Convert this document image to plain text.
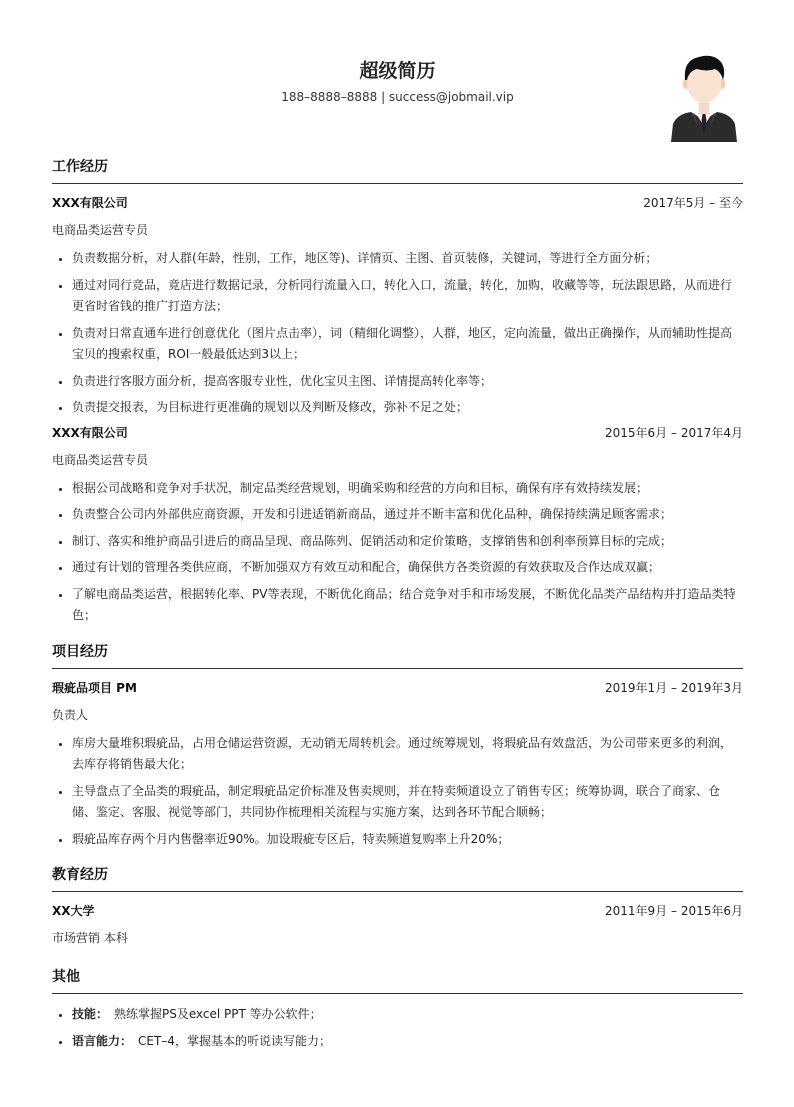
超级简历
188–8888–8888 | success@jobmail.vip
工作经历
XXX有限公司	2017年5月 – 至今
电商品类运营专员
• 负责数据分析，对人群(年龄，性别，工作，地区等)、详情页、主图、首页装修，关键词，等进行全方面分析；
• 通过对同行竞品，竟店进行数据记录，分析同行流量入口，转化入口，流量，转化，加购，收藏等等，玩法跟思路，从而进行更省时省钱的推广打造方法；
• 负责对日常直通车进行创意优化（图片点击率），词（精细化调整），人群，地区，定向流量，做出正确操作，从而辅助性提高宝贝的搜索权重，ROI一般最低达到3以上；
• 负责进行客服方面分析，提高客服专业性，优化宝贝主图、详情提高转化率等；
• 负责提交报表，为目标进行更准确的规划以及判断及修改，弥补不足之处；
XXX有限公司	2015年6月 – 2017年4月
电商品类运营专员
• 根据公司战略和竞争对手状况，制定品类经营规划，明确采购和经营的方向和目标，确保有序有效持续发展；
• 负责整合公司内外部供应商资源，开发和引进适销新商品，通过并不断丰富和优化品种，确保持续满足顾客需求；
• 制订、落实和维护商品引进后的商品呈现、商品陈列、促销活动和定价策略，支撑销售和创利率预算目标的完成；
• 通过有计划的管理各类供应商，不断加强双方有效互动和配合，确保供方各类资源的有效获取及合作达成双赢；
• 了解电商品类运营，根据转化率、PV等表现，不断优化商品；结合竞争对手和市场发展，不断优化品类产品结构并打造品类特色；
项目经历
瑕疵品项目 PM	2019年1月 – 2019年3月
负责人
• 库房大量堆积瑕疵品，占用仓储运营资源，无动销无周转机会。通过统筹规划，将瑕疵品有效盘活，为公司带来更多的利润，去库存将销售最大化；
• 主导盘点了全品类的瑕疵品，制定瑕疵品定价标准及售卖规则，并在特卖频道设立了销售专区；统筹协调，联合了商家、仓储、鉴定、客服、视觉等部门，共同协作梳理相关流程与实施方案，达到各环节配合顺畅；
• 瑕疵品库存两个月内售罄率近90%。加设瑕疵专区后，特卖频道复购率上升20%；
教育经历
XX大学	2011年9月 – 2015年6月
市场营销 本科
其他
• 技能： 熟练掌握PS及excel PPT 等办公软件；
• 语言能力： CET–4，掌握基本的听说读写能力；
